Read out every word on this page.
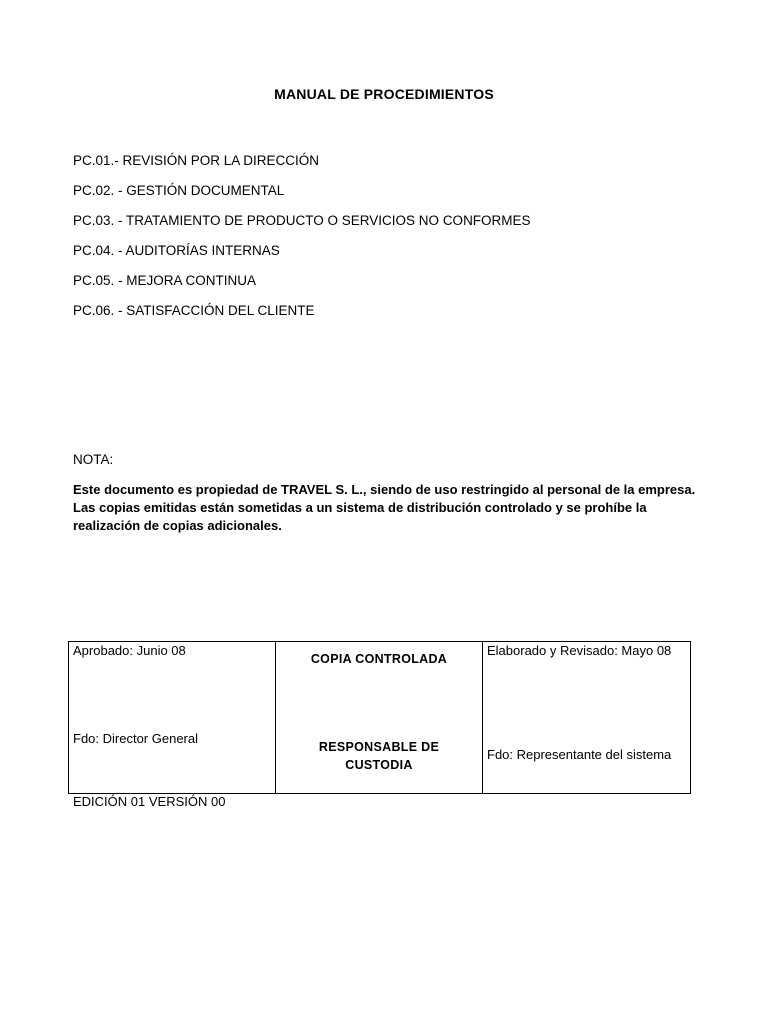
MANUAL DE PROCEDIMIENTOS
PC.01.- REVISIÓN POR LA DIRECCIÓN
PC.02. - GESTIÓN DOCUMENTAL
PC.03. - TRATAMIENTO DE PRODUCTO O SERVICIOS NO CONFORMES
PC.04. - AUDITORÍAS INTERNAS
PC.05. - MEJORA CONTINUA
PC.06. - SATISFACCIÓN DEL CLIENTE
NOTA:
Este documento es propiedad de TRAVEL S. L., siendo de uso restringido al personal de la empresa. Las copias emitidas están sometidas a un sistema de distribución controlado y se prohíbe la realización de copias adicionales.
Aprobado: Junio 08
Fdo: Director General

COPIA CONTROLADA
RESPONSABLE DE CUSTODIA

Elaborado y Revisado: Mayo 08
Fdo: Representante del sistema
EDICIÓN 01 VERSIÓN 00
